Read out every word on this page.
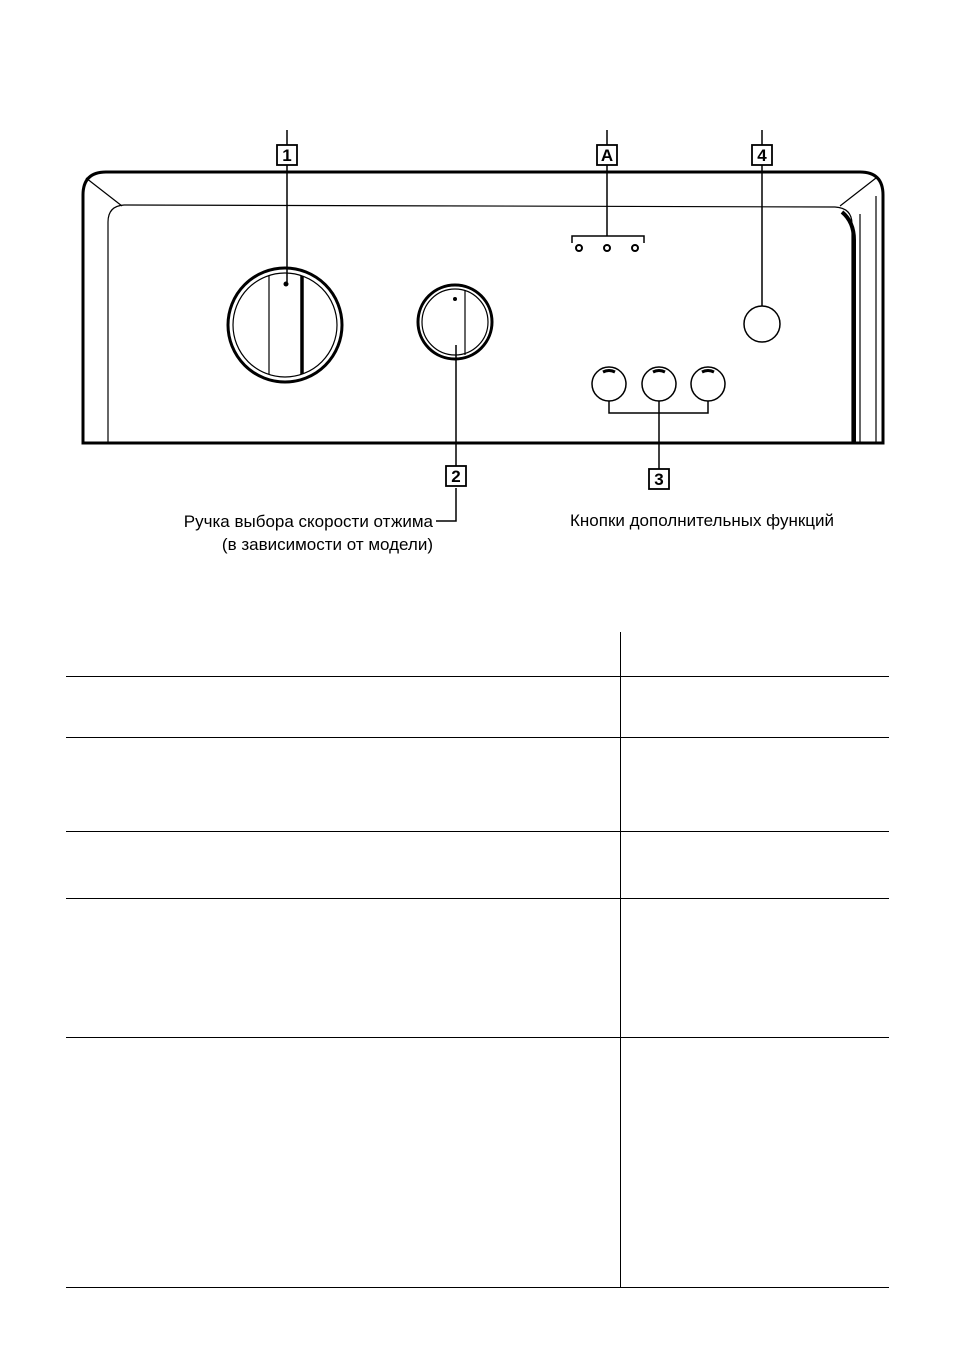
1	A	4
2	3
Ручка выбора скорости отжима
(в зависимости от модели)
Кнопки дополнительных функций
